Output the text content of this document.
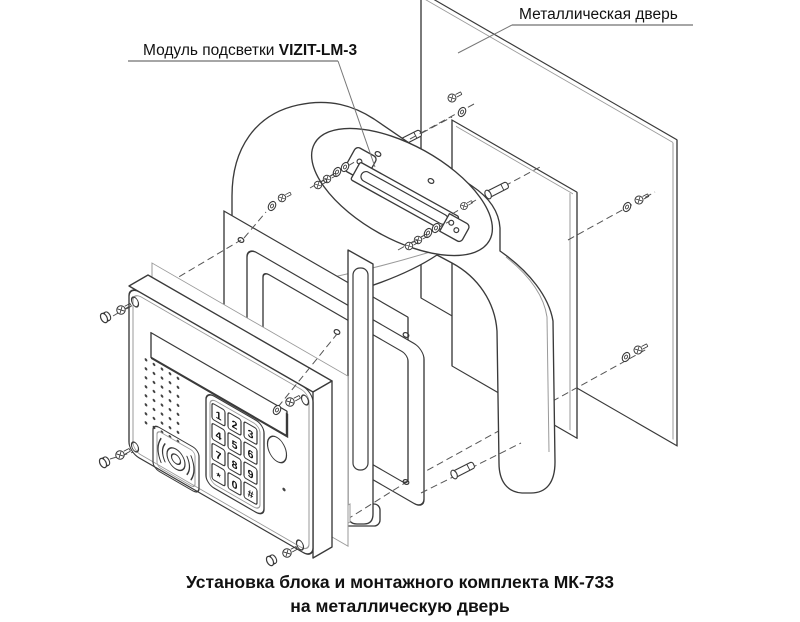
1
2
3
4
5
6
7
8
9
*
0
#
Модуль подсветки VIZIT-LM-3
Металлическая дверь
Установка блока и монтажного комплекта МК-733
на металлическую дверь
